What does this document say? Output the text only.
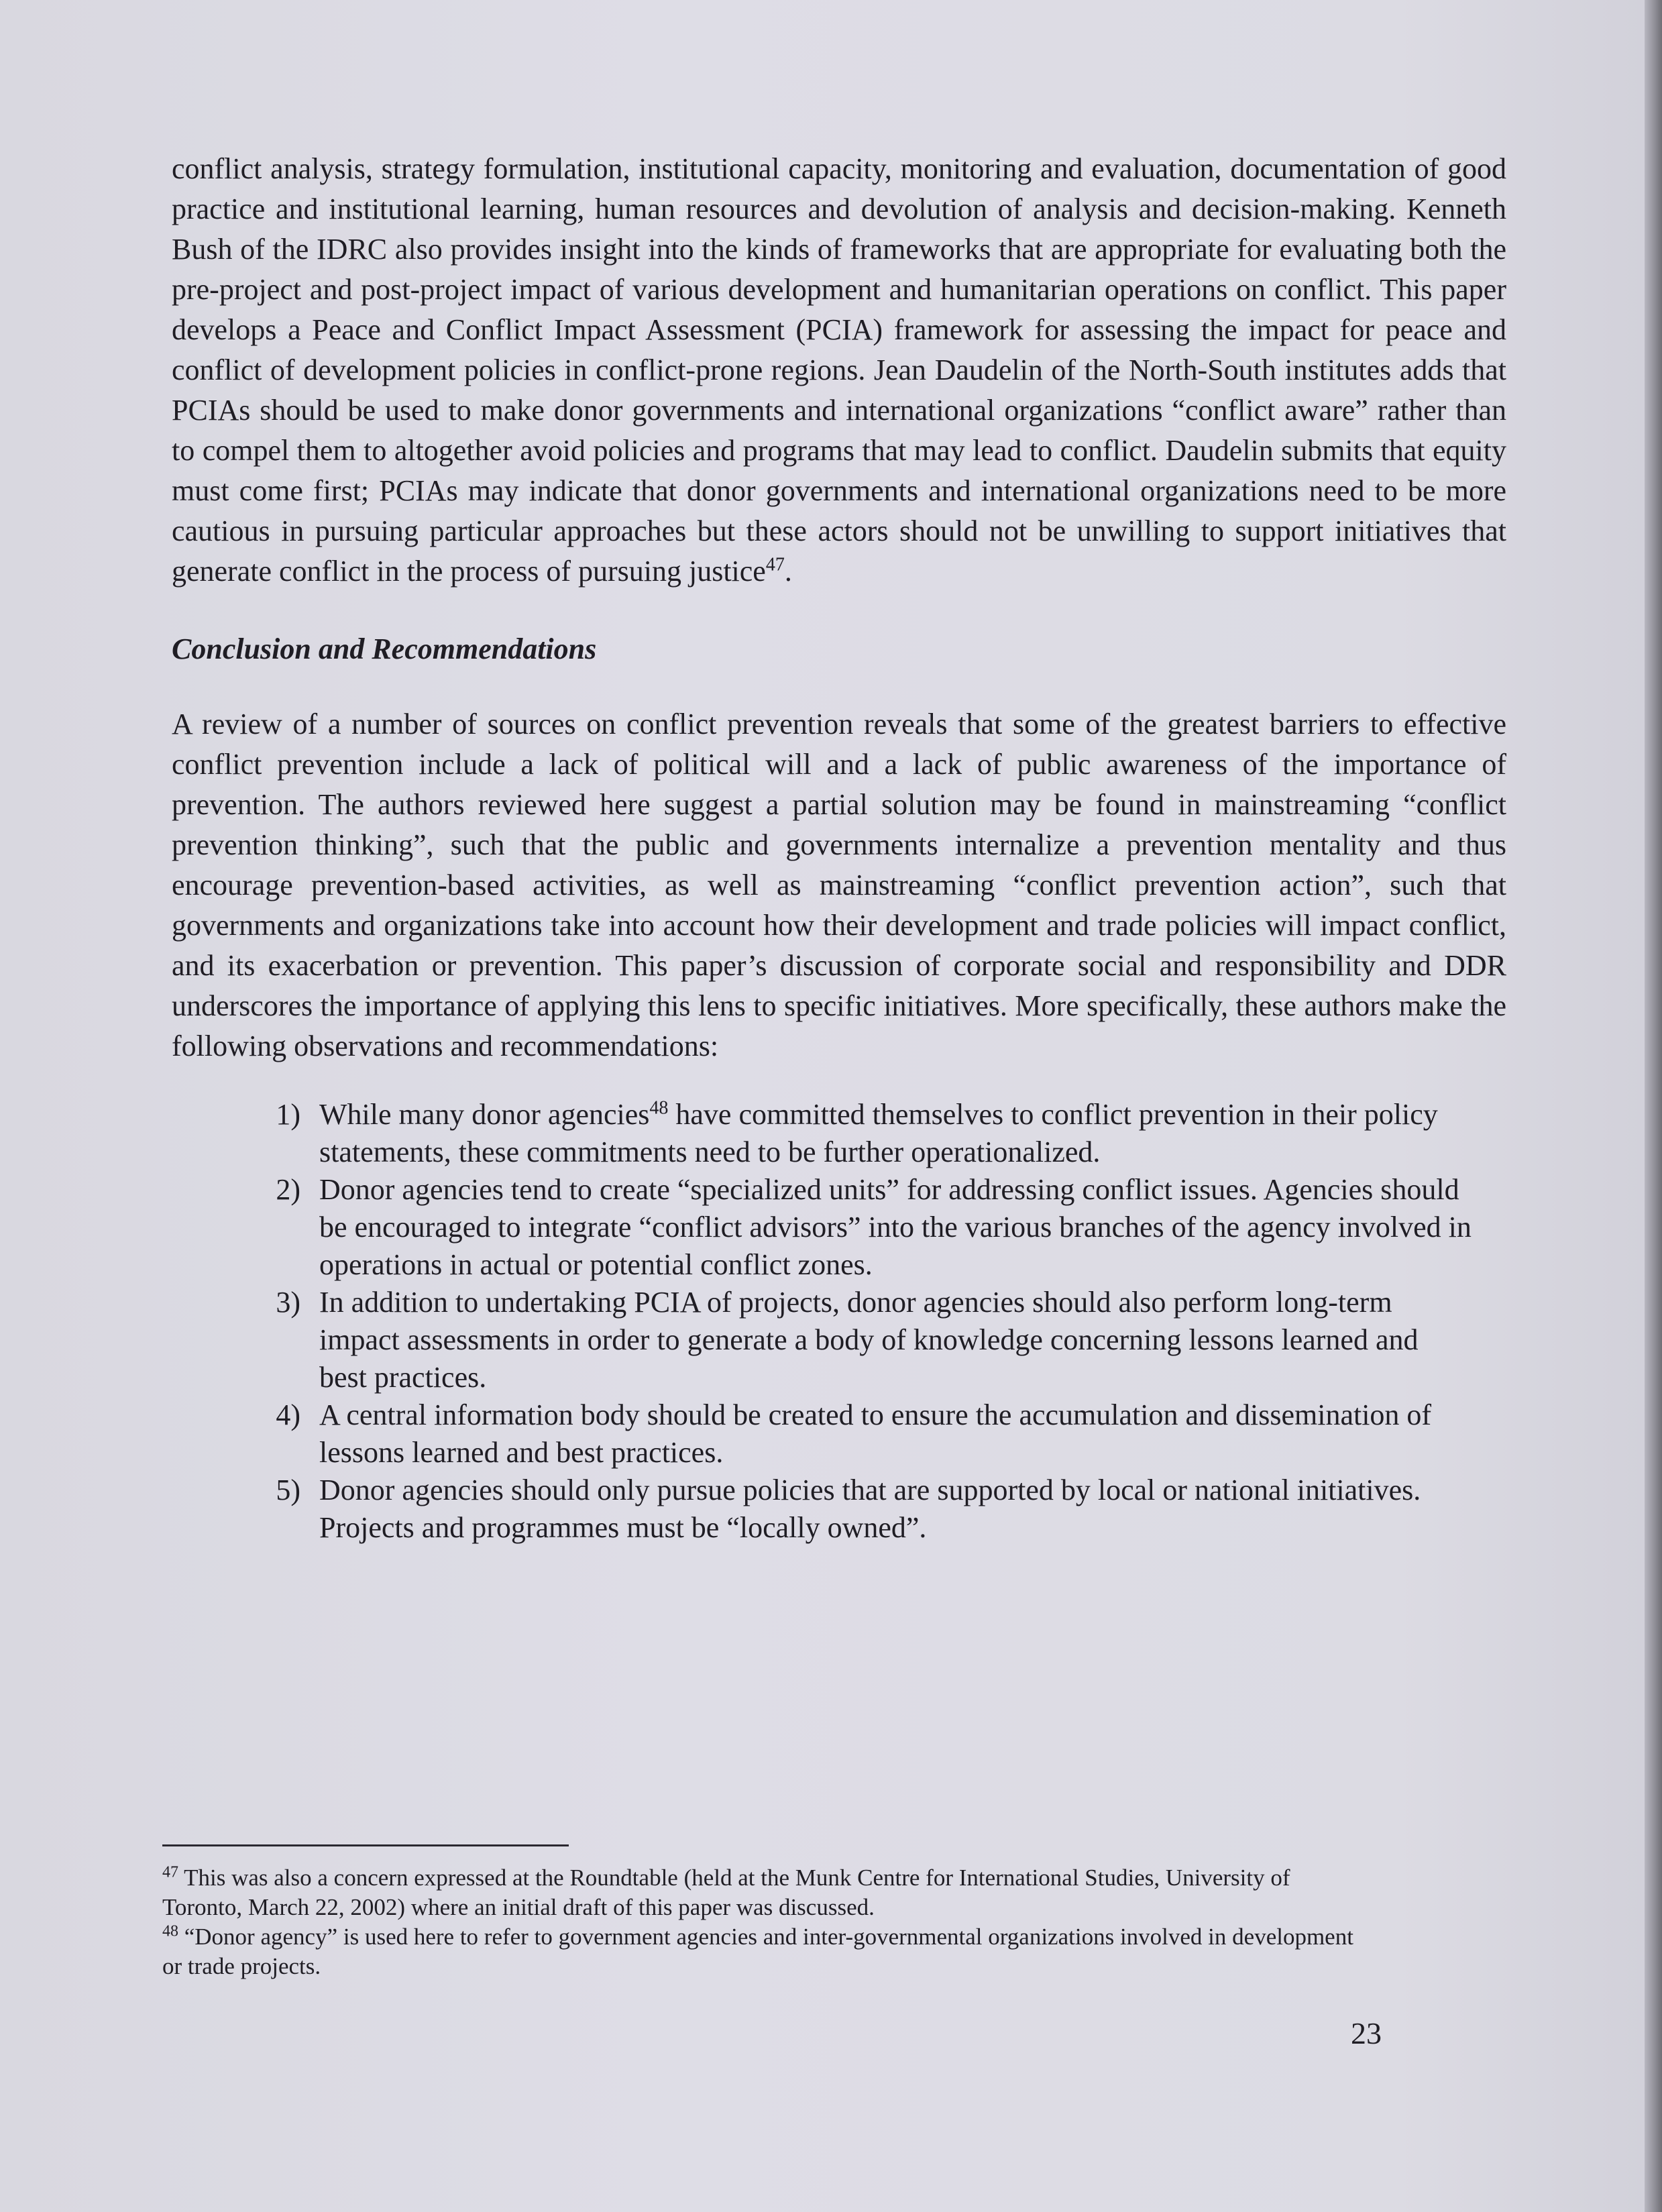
conflict analysis, strategy formulation, institutional capacity, monitoring and evaluation, documentation of good practice and institutional learning, human resources and devolution of analysis and decision-making. Kenneth Bush of the IDRC also provides insight into the kinds of frameworks that are appropriate for evaluating both the pre-project and post-project impact of various development and humanitarian operations on conflict. This paper develops a Peace and Conflict Impact Assessment (PCIA) framework for assessing the impact for peace and conflict of development policies in conflict-prone regions. Jean Daudelin of the North-South institutes adds that PCIAs should be used to make donor governments and international organizations “conflict aware” rather than to compel them to altogether avoid policies and programs that may lead to conflict. Daudelin submits that equity must come first; PCIAs may indicate that donor governments and international organizations need to be more cautious in pursuing particular approaches but these actors should not be unwilling to support initiatives that generate conflict in the process of pursuing justice$^{47}$.

Conclusion and Recommendations

A review of a number of sources on conflict prevention reveals that some of the greatest barriers to effective conflict prevention include a lack of political will and a lack of public awareness of the importance of prevention. The authors reviewed here suggest a partial solution may be found in mainstreaming “conflict prevention thinking”, such that the public and governments internalize a prevention mentality and thus encourage prevention-based activities, as well as mainstreaming “conflict prevention action”, such that governments and organizations take into account how their development and trade policies will impact conflict, and its exacerbation or prevention. This paper’s discussion of corporate social and responsibility and DDR underscores the importance of applying this lens to specific initiatives. More specifically, these authors make the following observations and recommendations:

1) While many donor agencies$^{48}$ have committed themselves to conflict prevention in their policy statements, these commitments need to be further operationalized.
2) Donor agencies tend to create “specialized units” for addressing conflict issues. Agencies should be encouraged to integrate “conflict advisors” into the various branches of the agency involved in operations in actual or potential conflict zones.
3) In addition to undertaking PCIA of projects, donor agencies should also perform long-term impact assessments in order to generate a body of knowledge concerning lessons learned and best practices.
4) A central information body should be created to ensure the accumulation and dissemination of lessons learned and best practices.
5) Donor agencies should only pursue policies that are supported by local or national initiatives. Projects and programmes must be “locally owned”.

$^{47}$ This was also a concern expressed at the Roundtable (held at the Munk Centre for International Studies, University of Toronto, March 22, 2002) where an initial draft of this paper was discussed.

$^{48}$ “Donor agency” is used here to refer to government agencies and inter-governmental organizations involved in development or trade projects.

23
